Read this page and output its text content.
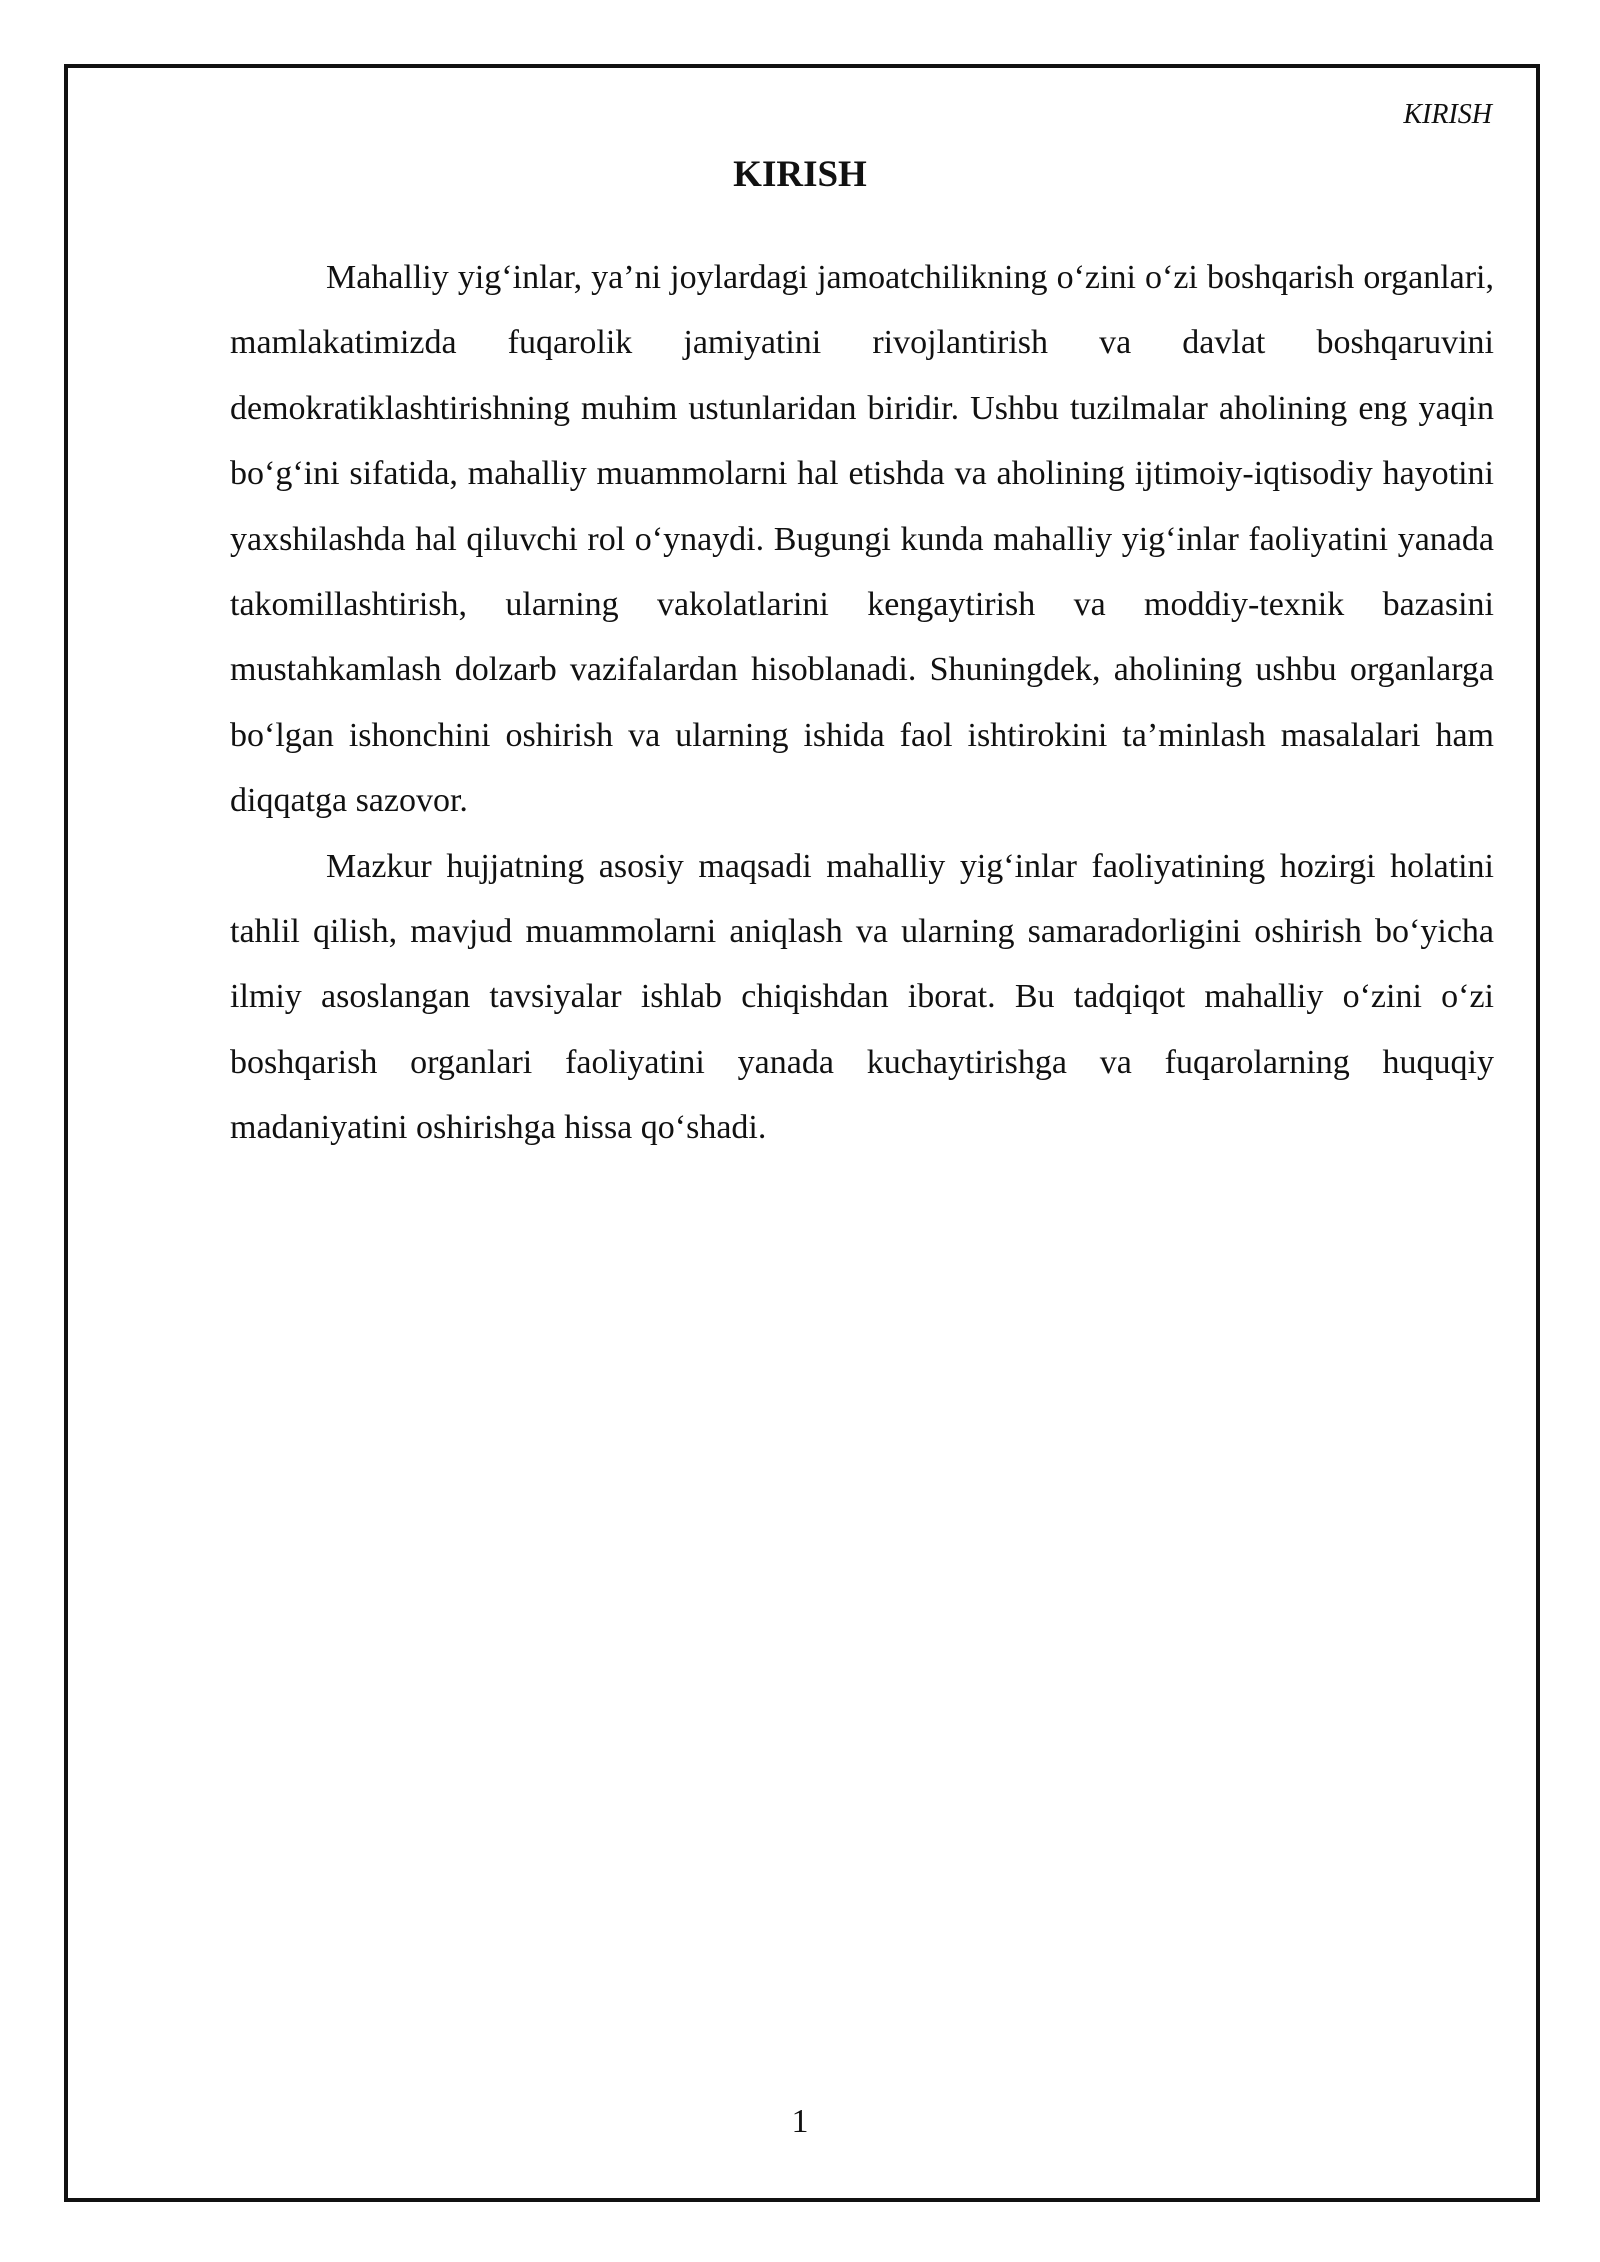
KIRISH
KIRISH

Mahalliy yig‘inlar, ya’ni joylardagi jamoatchilikning o‘zini o‘zi boshqarish organlari, mamlakatimizda fuqarolik jamiyatini rivojlantirish va davlat boshqaruvini demokratiklashtirishning muhim ustunlaridan biridir. Ushbu tuzilmalar aholining eng yaqin bo‘g‘ini sifatida, mahalliy muammolarni hal etishda va aholining ijtimoiy-iqtisodiy hayotini yaxshilashda hal qiluvchi rol o‘ynaydi. Bugungi kunda mahalliy yig‘inlar faoliyatini yanada takomillashtirish, ularning vakolatlarini kengaytirish va moddiy-texnik bazasini mustahkamlash dolzarb vazifalardan hisoblanadi. Shuningdek, aholining ushbu organlarga bo‘lgan ishonchini oshirish va ularning ishida faol ishtirokini ta’minlash masalalari ham diqqatga sazovor.

Mazkur hujjatning asosiy maqsadi mahalliy yig‘inlar faoliyatining hozirgi holatini tahlil qilish, mavjud muammolarni aniqlash va ularning samaradorligini oshirish bo‘yicha ilmiy asoslangan tavsiyalar ishlab chiqishdan iborat. Bu tadqiqot mahalliy o‘zini o‘zi boshqarish organlari faoliyatini yanada kuchaytirishga va fuqarolarning huquqiy madaniyatini oshirishga hissa qo‘shadi.

1
